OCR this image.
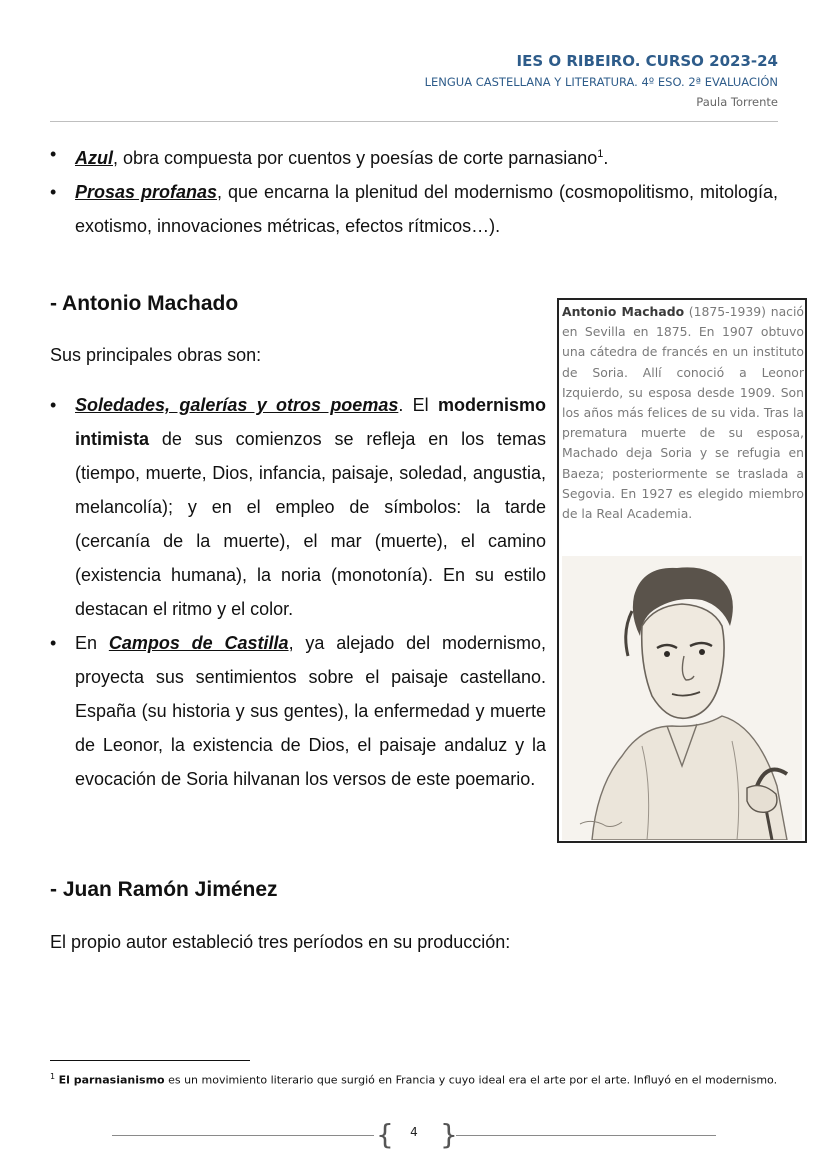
IES O RIBEIRO. CURSO 2023-24
LENGUA CASTELLANA Y LITERATURA. 4º ESO. 2ª EVALUACIÓN
Paula Torrente
• Azul, obra compuesta por cuentos y poesías de corte parnasiano$^1$.
• Prosas profanas, que encarna la plenitud del modernismo (cosmopolitismo, mitología, exotismo, innovaciones métricas, efectos rítmicos…).
- Antonio Machado
Sus principales obras son:
• Soledades, galerías y otros poemas. El modernismo intimista de sus comienzos se refleja en los temas (tiempo, muerte, Dios, infancia, paisaje, soledad, angustia, melancolía); y en el empleo de símbolos: la tarde (cercanía de la muerte), el mar (muerte), el camino (existencia humana), la noria (monotonía). En su estilo destacan el ritmo y el color.
• En Campos de Castilla, ya alejado del modernismo, proyecta sus sentimientos sobre el paisaje castellano. España (su historia y sus gentes), la enfermedad y muerte de Leonor, la existencia de Dios, el paisaje andaluz y la evocación de Soria hilvanan los versos de este poemario.
Antonio Machado (1875-1939) nació en Sevilla en 1875. En 1907 obtuvo una cátedra de francés en un instituto de Soria. Allí conoció a Leonor Izquierdo, su esposa desde 1909. Son los años más felices de su vida. Tras la prematura muerte de su esposa, Machado deja Soria y se refugia en Baeza; posteriormente se traslada a Segovia. En 1927 es elegido miembro de la Real Academia.
- Juan Ramón Jiménez
El propio autor estableció tres períodos en su producción:
$^1$ El parnasianismo es un movimiento literario que surgió en Francia y cuyo ideal era el arte por el arte. Influyó en el modernismo.
{	4 }
